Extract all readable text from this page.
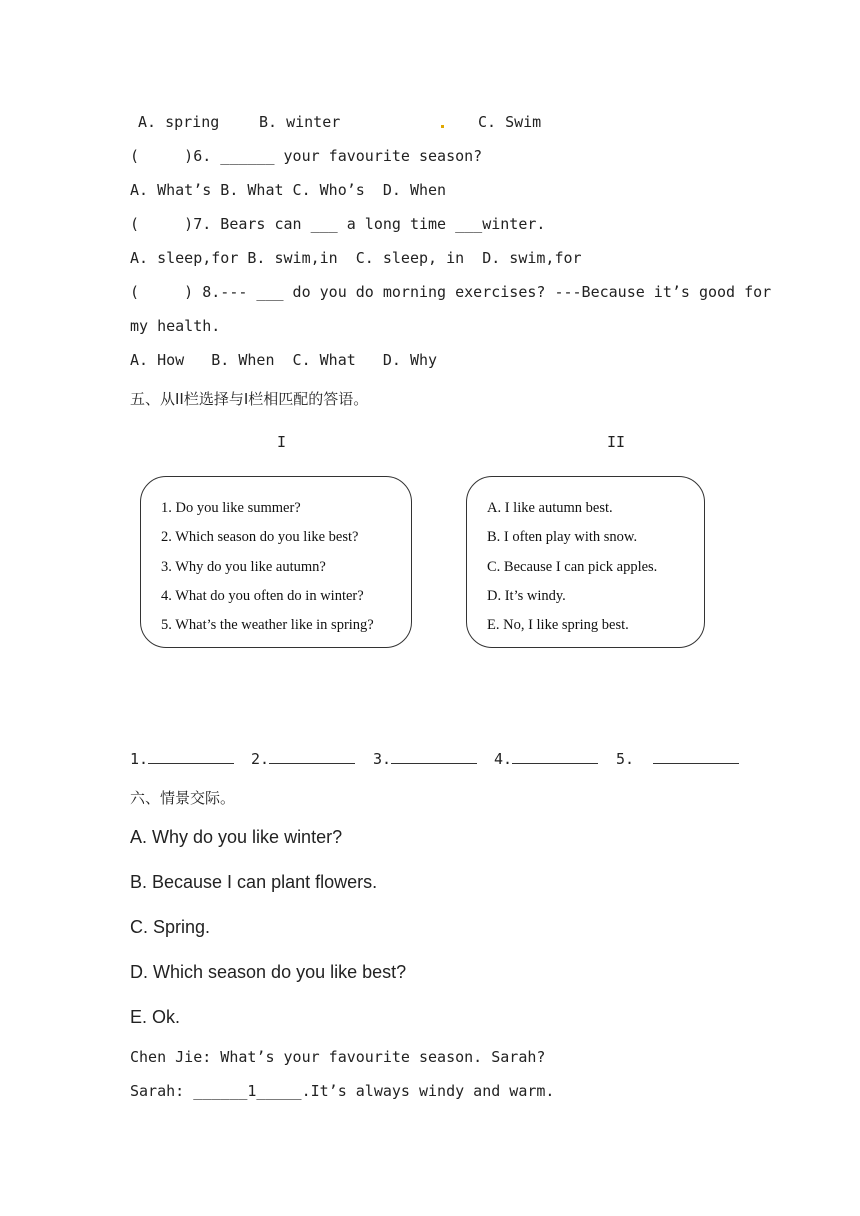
A. spring	B. winter	C. Swim
(     )6. ______ your favourite season?
A. What’s B. What C. Who’s  D. When
(     )7. Bears can ___ a long time ___winter.
A. sleep,for B. swim,in  C. sleep, in  D. swim,for
(     ) 8.--- ___ do you do morning exercises? ---Because it’s good for
my health.
A. How   B. When  C. What   D. Why
五、从II栏选择与I栏相匹配的答语。
I	II
1. Do you like summer?
2. Which season do you like best?
3. Why do you like autumn?
4. What do you often do in winter?
5. What’s the weather like in spring?
A. I like autumn best.
B. I often play with snow.
C. Because I can pick apples.
D. It’s windy.
E. No, I like spring best.
1.	2.	3.	4.	5.
六、情景交际。
A. Why do you like winter?
B. Because I can plant flowers.
C. Spring.
D. Which season do you like best?
E. Ok.
Chen Jie: What’s your favourite season. Sarah?
Sarah: ______1_____.It’s always windy and warm.
